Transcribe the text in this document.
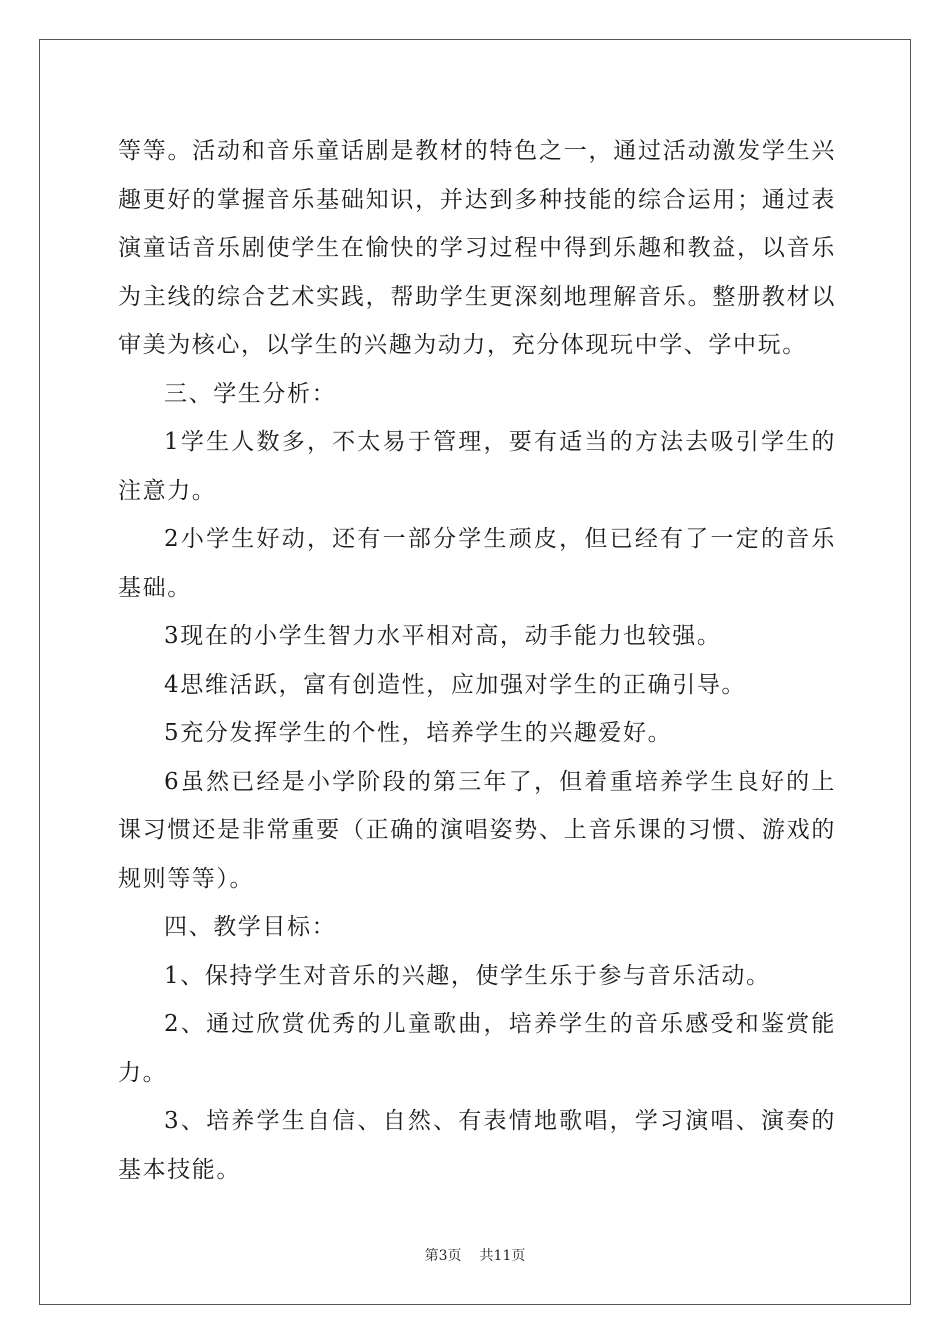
等等。活动和音乐童话剧是教材的特色之一，通过活动激发学生兴趣更好的掌握音乐基础知识，并达到多种技能的综合运用；通过表演童话音乐剧使学生在愉快的学习过程中得到乐趣和教益，以音乐为主线的综合艺术实践，帮助学生更深刻地理解音乐。整册教材以审美为核心，以学生的兴趣为动力，充分体现玩中学、学中玩。

三、学生分析：

1学生人数多，不太易于管理，要有适当的方法去吸引学生的注意力。

2小学生好动，还有一部分学生顽皮，但已经有了一定的音乐基础。

3现在的小学生智力水平相对高，动手能力也较强。

4思维活跃，富有创造性，应加强对学生的正确引导。

5充分发挥学生的个性，培养学生的兴趣爱好。

6虽然已经是小学阶段的第三年了，但着重培养学生良好的上课习惯还是非常重要（正确的演唱姿势、上音乐课的习惯、游戏的规则等等）。

四、教学目标：

1、保持学生对音乐的兴趣，使学生乐于参与音乐活动。

2、通过欣赏优秀的儿童歌曲，培养学生的音乐感受和鉴赏能力。

3、培养学生自信、自然、有表情地歌唱，学习演唱、演奏的基本技能。

第3页 共11页
